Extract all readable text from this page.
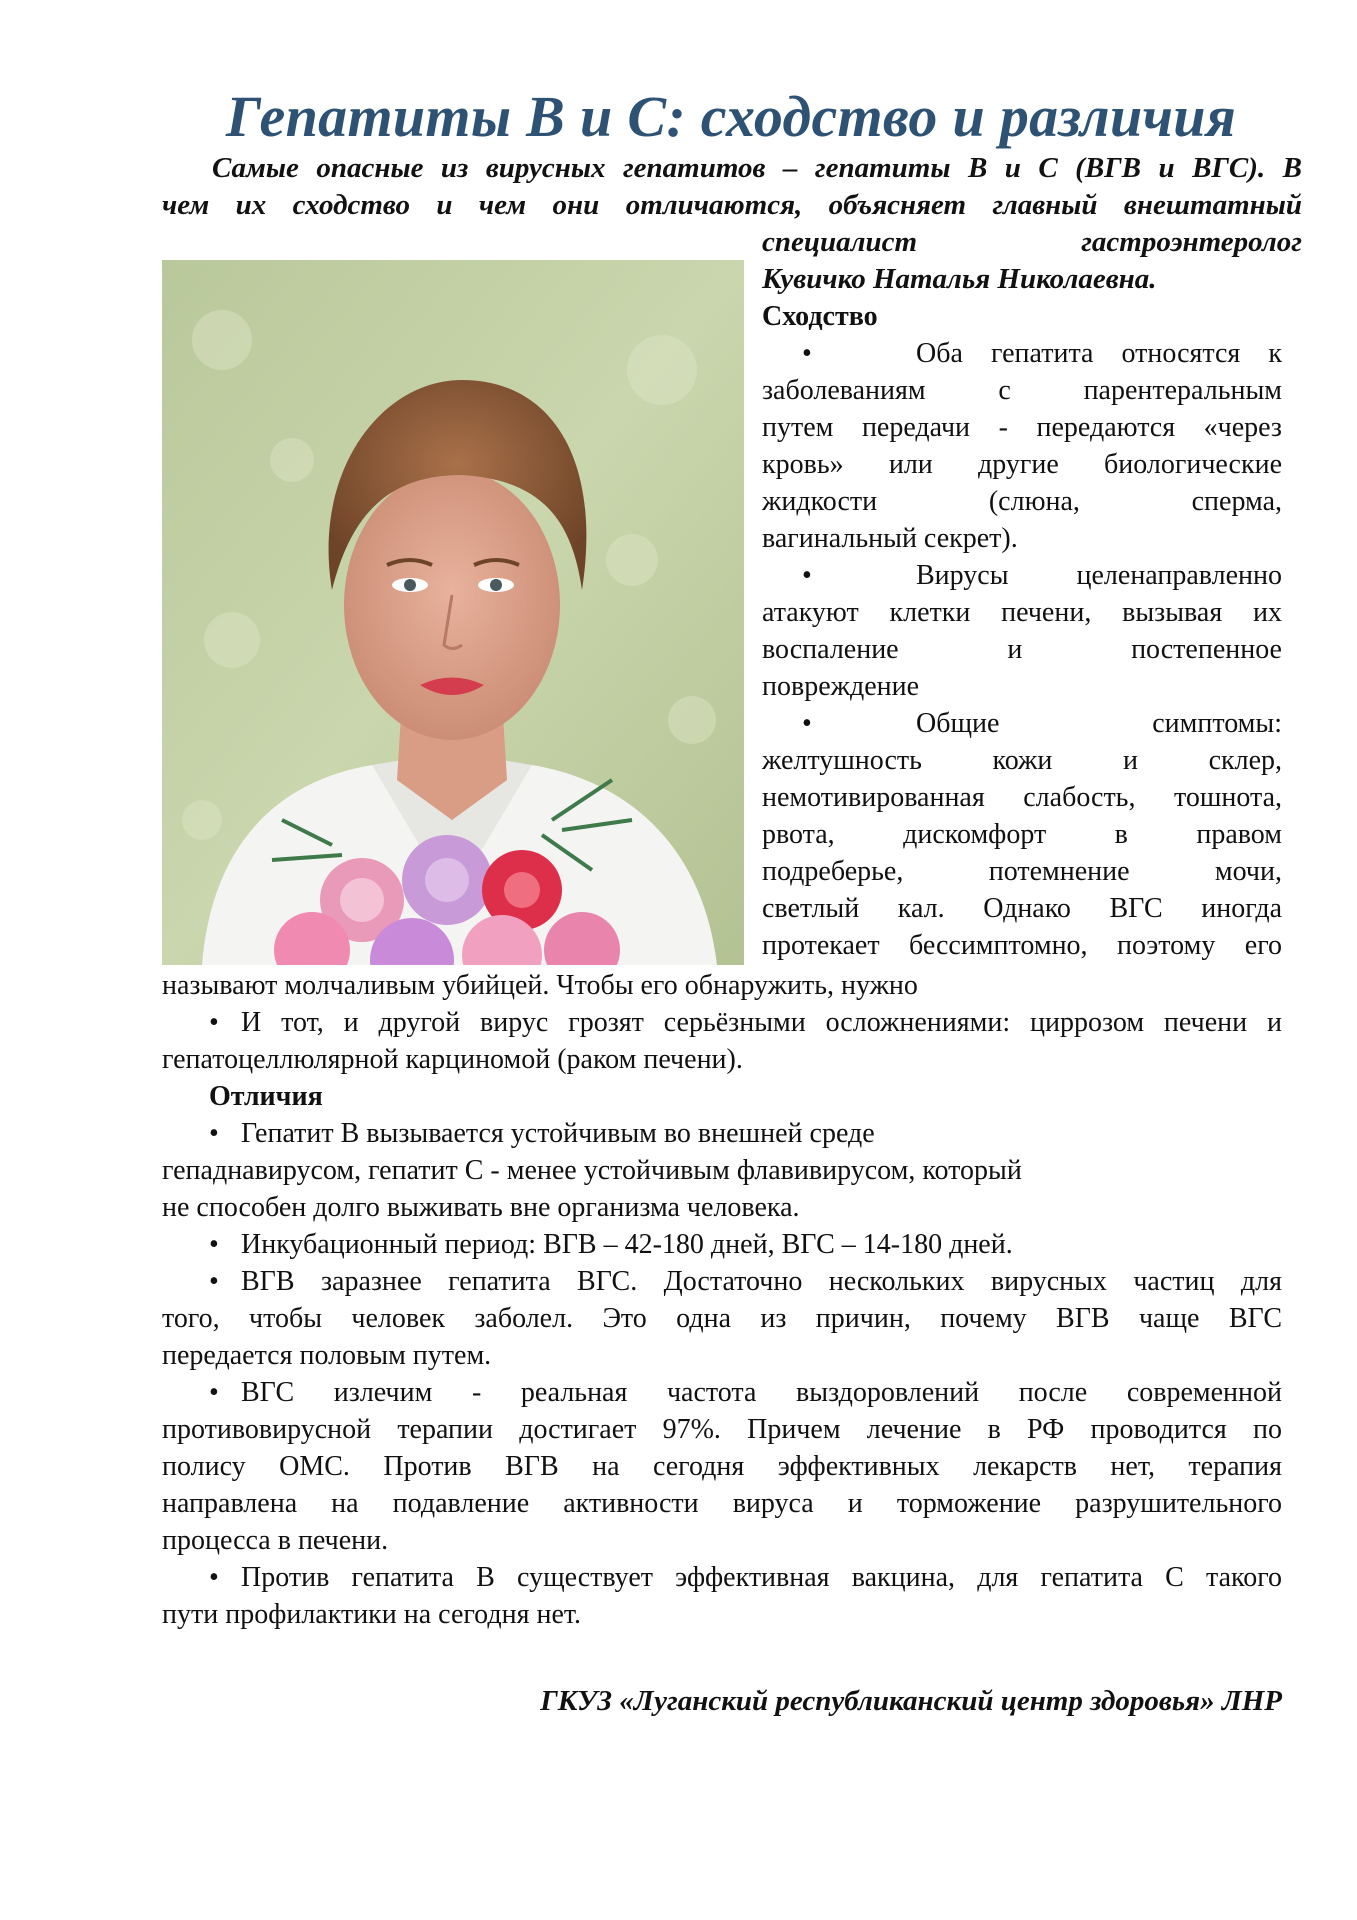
Гепатиты В и С: сходство и различия
Самые опасные из вирусных гепатитов – гепатиты В и С (ВГВ и ВГС). В
чем их сходство и чем они отличаются, объясняет главный внештатный
специалист гастроэнтеролог
Кувичко Наталья Николаевна.

Сходство

•	Оба гепатита относятся к
заболеваниям с парентеральным
путем передачи - передаются «через
кровь» или другие биологические
жидкости (слюна, сперма,
вагинальный секрет).
•	Вирусы целенаправленно
атакуют клетки печени, вызывая их
воспаление и постепенное
повреждение
•	Общие симптомы:
желтушность кожи и склер,
немотивированная слабость, тошнота,
рвота, дискомфорт в правом
подреберье, потемнение мочи,
светлый кал. Однако ВГС иногда
протекает бессимптомно, поэтому его
называют молчаливым убийцей. Чтобы его обнаружить, нужно
• И тот, и другой вирус грозят серьёзными осложнениями: циррозом печени и
гепатоцеллюлярной карциномой (раком печени).
Отличия
• Гепатит В вызывается устойчивым во внешней среде
гепаднавирусом, гепатит С - менее устойчивым флавивирусом, который
не способен долго выживать вне организма человека.
• Инкубационный период: ВГВ – 42-180 дней, ВГС – 14-180 дней.
• ВГВ заразнее гепатита ВГС. Достаточно нескольких вирусных частиц для
того, чтобы человек заболел. Это одна из причин, почему ВГВ чаще ВГС
передается половым путем.
• ВГС излечим - реальная частота выздоровлений после современной
противовирусной терапии достигает 97%. Причем лечение в РФ проводится по
полису ОМС. Против ВГВ на сегодня эффективных лекарств нет, терапия
направлена на подавление активности вируса и торможение разрушительного
процесса в печени.
• Против гепатита В существует эффективная вакцина, для гепатита С такого
пути профилактики на сегодня нет.
ГКУЗ «Луганский республиканский центр здоровья» ЛНР
